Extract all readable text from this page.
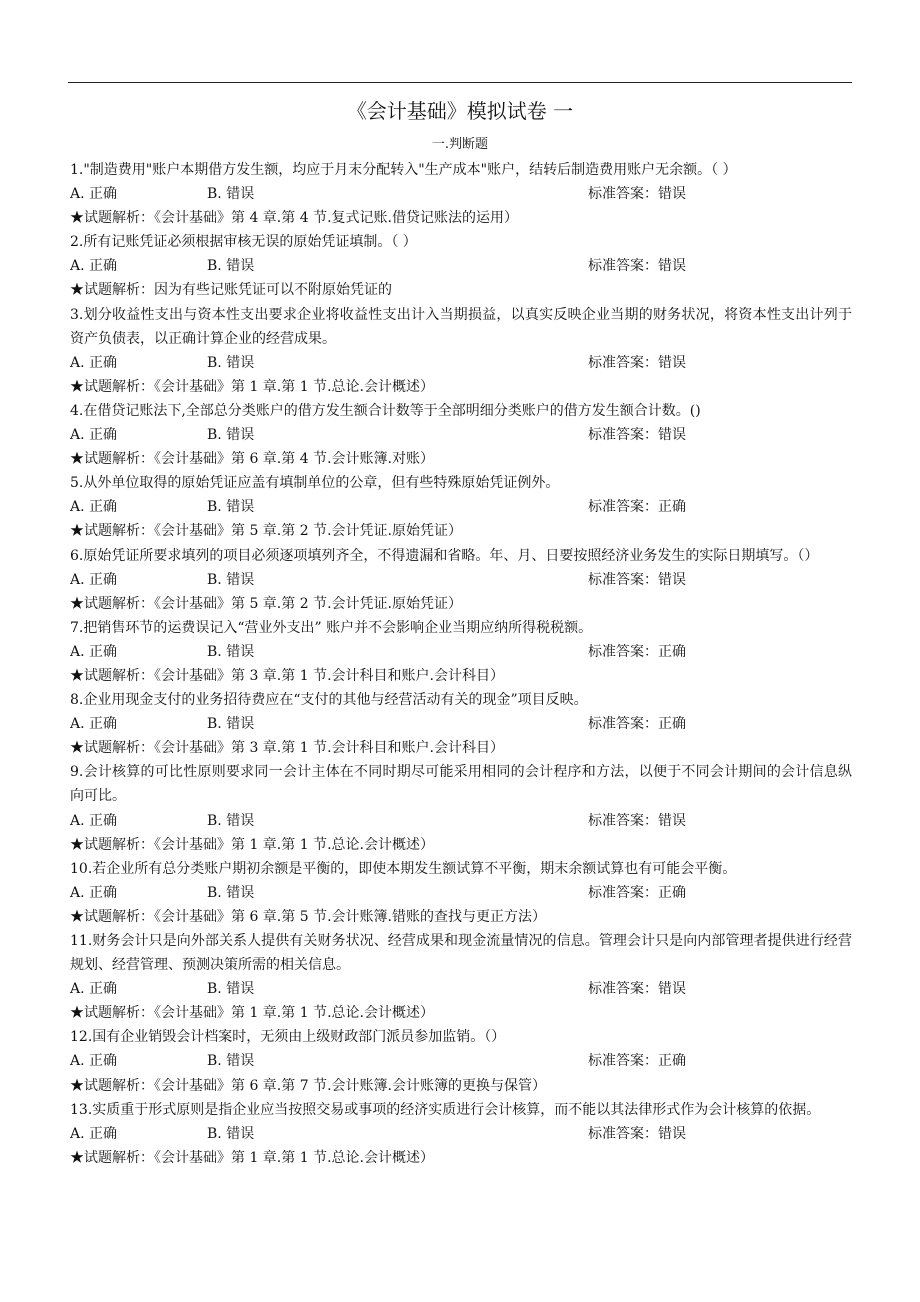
《会计基础》模拟试卷 一
一.判断题
1."制造费用"账户本期借方发生额，均应于月末分配转入"生产成本"账户，结转后制造费用账户无余额。（ ）
A. 正确	B. 错误	标准答案：错误
★试题解析：《会计基础》第 4 章.第 4 节.复式记账.借贷记账法的运用）
2.所有记账凭证必须根据审核无误的原始凭证填制。（ ）
A. 正确	B. 错误	标准答案：错误
★试题解析：因为有些记账凭证可以不附原始凭证的
3.划分收益性支出与资本性支出要求企业将收益性支出计入当期损益，以真实反映企业当期的财务状况，将资本性支出计列于资产负债表，以正确计算企业的经营成果。
A. 正确	B. 错误	标准答案：错误
★试题解析：《会计基础》第 1 章.第 1 节.总论.会计概述）
4.在借贷记账法下,全部总分类账户的借方发生额合计数等于全部明细分类账户的借方发生额合计数。()
A. 正确	B. 错误	标准答案：错误
★试题解析：《会计基础》第 6 章.第 4 节.会计账簿.对账）
5.从外单位取得的原始凭证应盖有填制单位的公章，但有些特殊原始凭证例外。
A. 正确	B. 错误	标准答案：正确
★试题解析：《会计基础》第 5 章.第 2 节.会计凭证.原始凭证）
6.原始凭证所要求填列的项目必须逐项填列齐全，不得遗漏和省略。年、月、日要按照经济业务发生的实际日期填写。（）
A. 正确	B. 错误	标准答案：错误
★试题解析：《会计基础》第 5 章.第 2 节.会计凭证.原始凭证）
7.把销售环节的运费误记入“营业外支出” 账户并不会影响企业当期应纳所得税税额。
A. 正确	B. 错误	标准答案：正确
★试题解析：《会计基础》第 3 章.第 1 节.会计科目和账户.会计科目）
8.企业用现金支付的业务招待费应在“支付的其他与经营活动有关的现金”项目反映。
A. 正确	B. 错误	标准答案：正确
★试题解析：《会计基础》第 3 章.第 1 节.会计科目和账户.会计科目）
9.会计核算的可比性原则要求同一会计主体在不同时期尽可能采用相同的会计程序和方法，以便于不同会计期间的会计信息纵向可比。
A. 正确	B. 错误	标准答案：错误
★试题解析：《会计基础》第 1 章.第 1 节.总论.会计概述）
10.若企业所有总分类账户期初余额是平衡的，即使本期发生额试算不平衡，期末余额试算也有可能会平衡。
A. 正确	B. 错误	标准答案：正确
★试题解析：《会计基础》第 6 章.第 5 节.会计账簿.错账的查找与更正方法）
11.财务会计只是向外部关系人提供有关财务状况、经营成果和现金流量情况的信息。管理会计只是向内部管理者提供进行经营规划、经营管理、预测决策所需的相关信息。
A. 正确	B. 错误	标准答案：错误
★试题解析：《会计基础》第 1 章.第 1 节.总论.会计概述）
12.国有企业销毁会计档案时，无须由上级财政部门派员参加监销。（）
A. 正确	B. 错误	标准答案：正确
★试题解析：《会计基础》第 6 章.第 7 节.会计账簿.会计账簿的更换与保管）
13.实质重于形式原则是指企业应当按照交易或事项的经济实质进行会计核算，而不能以其法律形式作为会计核算的依据。
A. 正确	B. 错误	标准答案：错误
★试题解析：《会计基础》第 1 章.第 1 节.总论.会计概述）
